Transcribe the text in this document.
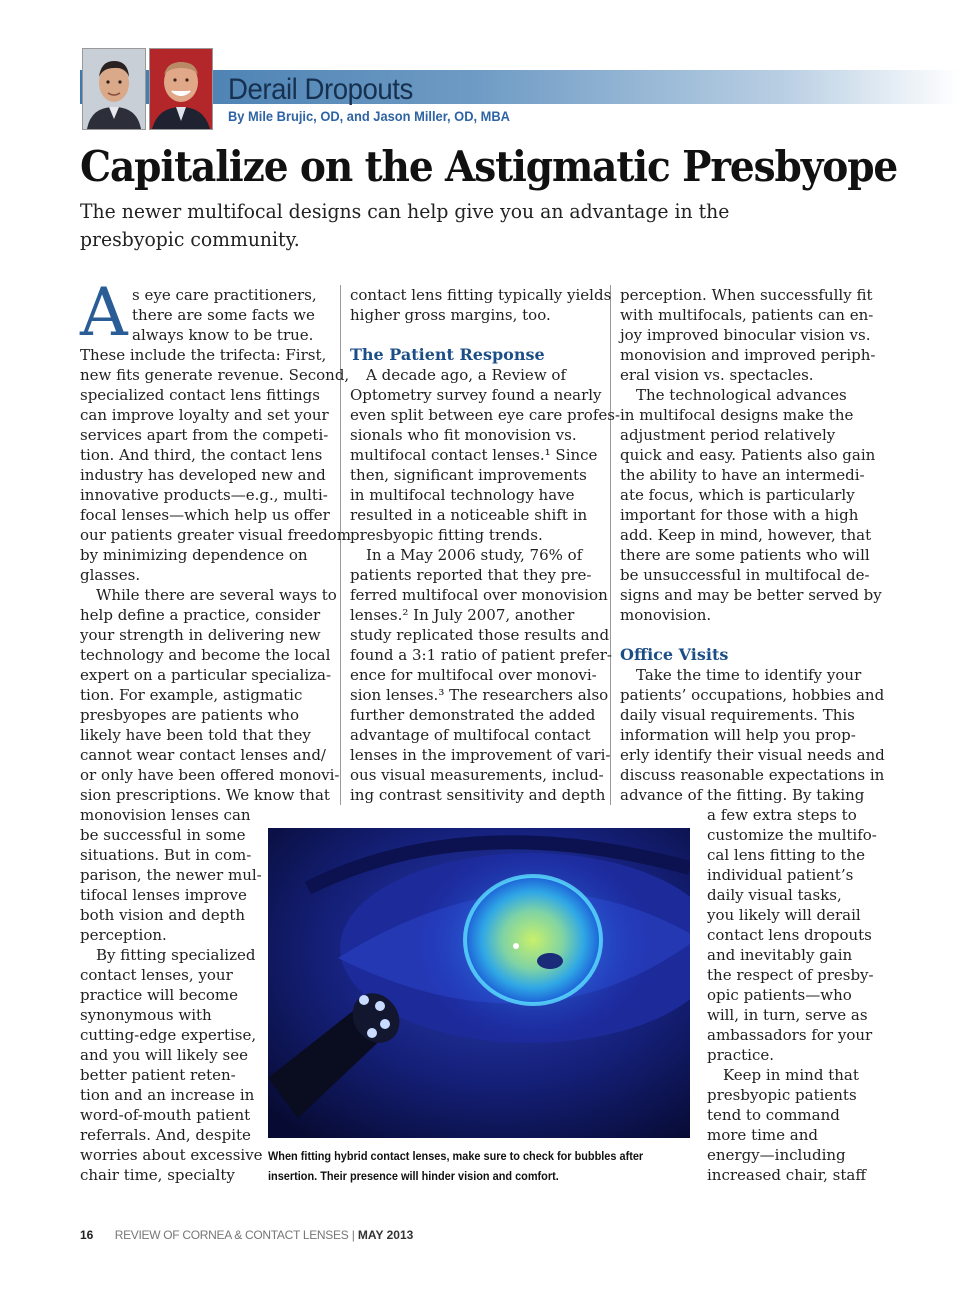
Derail Dropouts
By Mile Brujic, OD, and Jason Miller, OD, MBA
Capitalize on the Astigmatic Presbyope
The newer multifocal designs can help give you an advantage in the presbyopic community.
A s eye care practitioners,
there are some facts we
always know to be true.
These include the trifecta: First,
new fits generate revenue. Second,
specialized contact lens fittings
can improve loyalty and set your
services apart from the competi-
tion. And third, the contact lens
industry has developed new and
innovative products—e.g., multi-
focal lenses—which help us offer
our patients greater visual freedom
by minimizing dependence on
glasses.
While there are several ways to
help define a practice, consider
your strength in delivering new
technology and become the local
expert on a particular specializa-
tion. For example, astigmatic
presbyopes are patients who
likely have been told that they
cannot wear contact lenses and/
or only have been offered monovi-
sion prescriptions. We know that
monovision lenses can
be successful in some
situations. But in com-
parison, the newer mul-
tifocal lenses improve
both vision and depth
perception.
By fitting specialized
contact lenses, your
practice will become
synonymous with
cutting-edge expertise,
and you will likely see
better patient reten-
tion and an increase in
word-of-mouth patient
referrals. And, despite
worries about excessive
chair time, specialty
contact lens fitting typically yields
higher gross margins, too.
The Patient Response
A decade ago, a Review of
Optometry survey found a nearly
even split between eye care profes-
sionals who fit monovision vs.
multifocal contact lenses.¹ Since
then, significant improvements
in multifocal technology have
resulted in a noticeable shift in
presbyopic fitting trends.
In a May 2006 study, 76% of
patients reported that they pre-
ferred multifocal over monovision
lenses.² In July 2007, another
study replicated those results and
found a 3:1 ratio of patient prefer-
ence for multifocal over monovi-
sion lenses.³ The researchers also
further demonstrated the added
advantage of multifocal contact
lenses in the improvement of vari-
ous visual measurements, includ-
ing contrast sensitivity and depth
perception. When successfully fit
with multifocals, patients can en-
joy improved binocular vision vs.
monovision and improved periph-
eral vision vs. spectacles.
The technological advances
in multifocal designs make the
adjustment period relatively
quick and easy. Patients also gain
the ability to have an intermedi-
ate focus, which is particularly
important for those with a high
add. Keep in mind, however, that
there are some patients who will
be unsuccessful in multifocal de-
signs and may be better served by
monovision.
Office Visits
Take the time to identify your
patients’ occupations, hobbies and
daily visual requirements. This
information will help you prop-
erly identify their visual needs and
discuss reasonable expectations in
advance of the fitting. By taking
a few extra steps to
customize the multifo-
cal lens fitting to the
individual patient’s
daily visual tasks,
you likely will derail
contact lens dropouts
and inevitably gain
the respect of presby-
opic patients—who
will, in turn, serve as
ambassadors for your
practice.
Keep in mind that
presbyopic patients
tend to command
more time and
energy—including
increased chair, staff
When fitting hybrid contact lenses, make sure to check for bubbles after insertion. Their presence will hinder vision and comfort.
16 REVIEW OF CORNEA & CONTACT LENSES | MAY 2013
